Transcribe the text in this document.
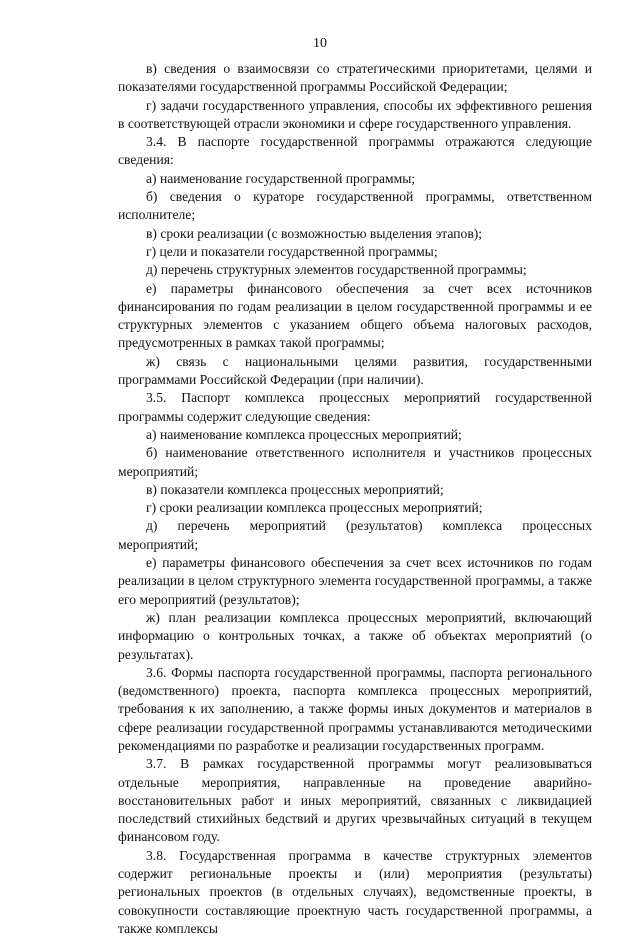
10

в) сведения о взаимосвязи со стратегическими приоритетами, целями и показателями государственной программы Российской Федерации;

г) задачи государственного управления, способы их эффективного решения в соответствующей отрасли экономики и сфере государственного управления.

3.4. В паспорте государственной программы отражаются следующие сведения:

а) наименование государственной программы;

б) сведения о кураторе государственной программы, ответственном исполнителе;

в) сроки реализации (с возможностью выделения этапов);

г) цели и показатели государственной программы;

д) перечень структурных элементов государственной программы;

е) параметры финансового обеспечения за счет всех источников финансирования по годам реализации в целом государственной программы и ее структурных элементов с указанием общего объема налоговых расходов, предусмотренных в рамках такой программы;

ж) связь с национальными целями развития, государственными программами Российской Федерации (при наличии).

3.5. Паспорт комплекса процессных мероприятий государственной программы содержит следующие сведения:

а) наименование комплекса процессных мероприятий;

б) наименование ответственного исполнителя и участников процессных мероприятий;

в) показатели комплекса процессных мероприятий;

г) сроки реализации комплекса процессных мероприятий;

д) перечень мероприятий (результатов) комплекса процессных мероприятий;

е) параметры финансового обеспечения за счет всех источников по годам реализации в целом структурного элемента государственной программы, а также его мероприятий (результатов);

ж) план реализации комплекса процессных мероприятий, включающий информацию о контрольных точках, а также об объектах мероприятий (о результатах).

3.6. Формы паспорта государственной программы, паспорта регионального (ведомственного) проекта, паспорта комплекса процессных мероприятий, требования к их заполнению, а также формы иных документов и материалов в сфере реализации государственной программы устанавливаются методическими рекомендациями по разработке и реализации государственных программ.

3.7. В рамках государственной программы могут реализовываться отдельные мероприятия, направленные на проведение аварийно-восстановительных работ и иных мероприятий, связанных с ликвидацией последствий стихийных бедствий и других чрезвычайных ситуаций в текущем финансовом году.

3.8. Государственная программа в качестве структурных элементов содержит региональные проекты и (или) мероприятия (результаты) региональных проектов (в отдельных случаях), ведомственные проекты, в совокупности составляющие проектную часть государственной программы, а также комплексы
